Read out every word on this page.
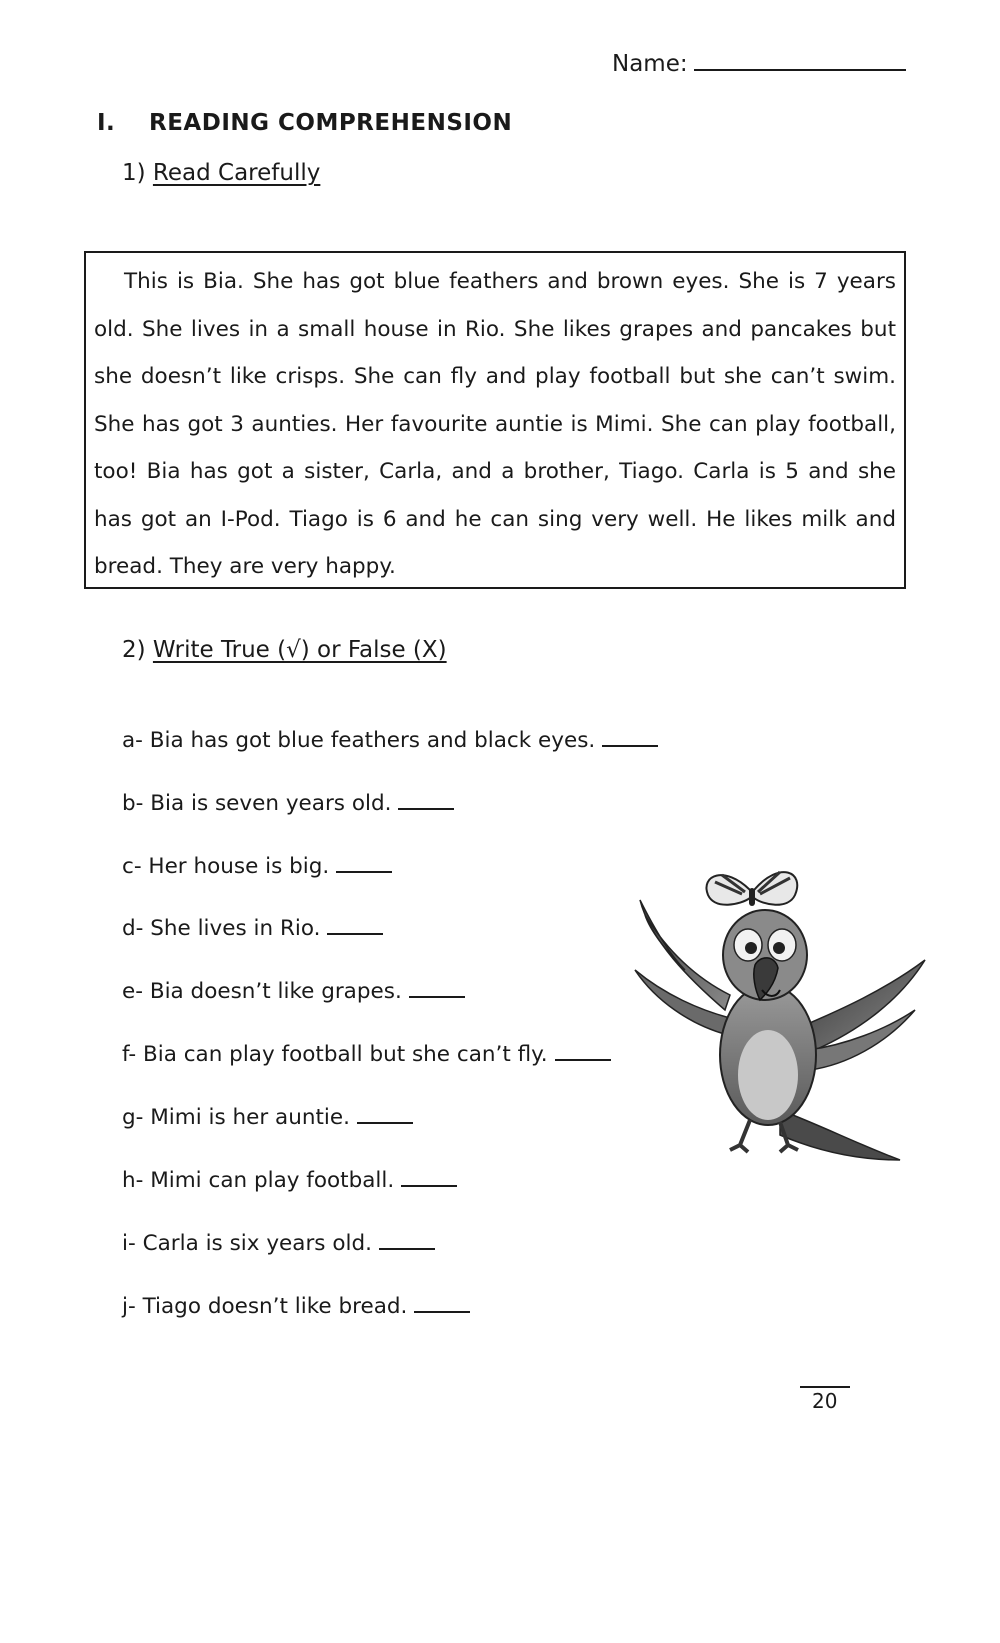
Name:
I. READING COMPREHENSION
1) Read Carefully

This is Bia. She has got blue feathers and brown eyes. She is 7 years old. She lives in a small house in Rio. She likes grapes and pancakes but she doesn’t like crisps. She can fly and play football but she can’t swim. She has got 3 aunties. Her favourite auntie is Mimi. She can play football, too! Bia has got a sister, Carla, and a brother, Tiago. Carla is 5 and she has got an I-Pod. Tiago is 6 and he can sing very well. He likes milk and bread. They are very happy.

2) Write True (√) or False (X)
a- Bia has got blue feathers and black eyes.
b- Bia is seven years old.
c- Her house is big.
d- She lives in Rio.
e- Bia doesn’t like grapes.
f- Bia can play football but she can’t fly.
g- Mimi is her auntie.
h- Mimi can play football.
i- Carla is six years old.
j- Tiago doesn’t like bread.
20
